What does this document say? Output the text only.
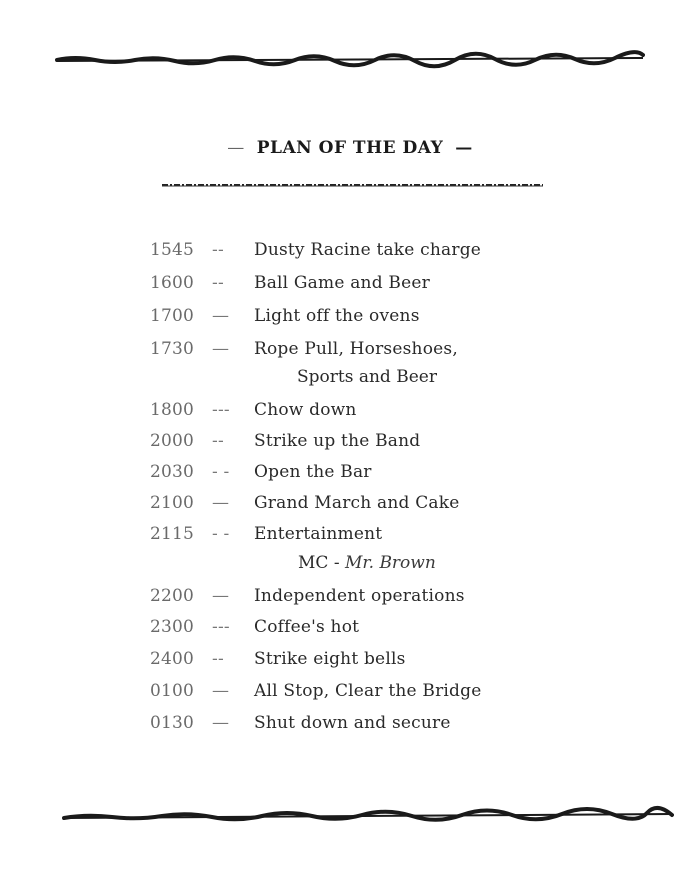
— PLAN OF THE DAY —
1545 -- Dusty Racine take charge
1600 -- Ball Game and Beer
1700 — Light off the ovens
1730 — Rope Pull, Horseshoes,
Sports and Beer
1800 --- Chow down
2000 -- Strike up the Band
2030 - - Open the Bar
2100 — Grand March and Cake
2115 - - Entertainment
MC - Mr. Brown
2200 — Independent operations
2300 --- Coffee's hot
2400 -- Strike eight bells
0100 — All Stop, Clear the Bridge
0130 — Shut down and secure
